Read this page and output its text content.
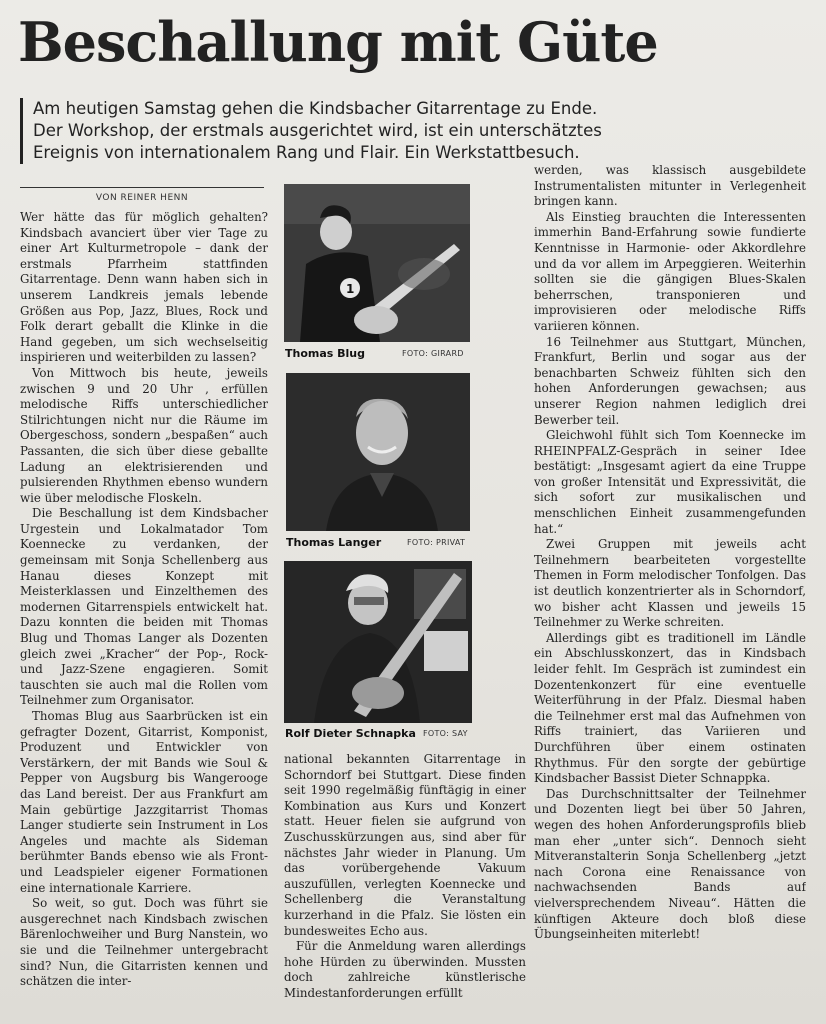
Beschallung mit Güte
Am heutigen Samstag gehen die Kindsbacher Gitarrentage zu Ende.
Der Workshop, der erstmals ausgerichtet wird, ist ein unterschätztes
Ereignis von internationalem Rang und Flair. Ein Werkstattbesuch.
VON REINER HENN

Wer hätte das für möglich gehalten? Kindsbach avanciert über vier Tage zu einer Art Kulturmetropole – dank der erstmals Pfarrheim stattfinden Gitarrentage. Denn wann haben sich in unserem Landkreis jemals lebende Größen aus Pop, Jazz, Blues, Rock und Folk derart geballt die Klinke in die Hand gegeben, um sich wechselseitig inspirieren und weiterbilden zu lassen?

Von Mittwoch bis heute, jeweils zwischen 9 und 20 Uhr , erfüllen melodische Riffs unterschiedlicher Stilrichtungen nicht nur die Räume im Obergeschoss, sondern „bespaßen“ auch Passanten, die sich über diese geballte Ladung an elektrisierenden und pulsierenden Rhythmen ebenso wundern wie über melodische Floskeln.

Die Beschallung ist dem Kindsbacher Urgestein und Lokalmatador Tom Koennecke zu verdanken, der gemeinsam mit Sonja Schellenberg aus Hanau dieses Konzept mit Meisterklassen und Einzelthemen des modernen Gitarrenspiels entwickelt hat. Dazu konnten die beiden mit Thomas Blug und Thomas Langer als Dozenten gleich zwei „Kracher“ der Pop-, Rock- und Jazz-Szene engagieren. Somit tauschten sie auch mal die Rollen vom Teilnehmer zum Organisator.

Thomas Blug aus Saarbrücken ist ein gefragter Dozent, Gitarrist, Komponist, Produzent und Entwickler von Verstärkern, der mit Bands wie Soul & Pepper von Augsburg bis Wangerooge das Land bereist. Der aus Frankfurt am Main gebürtige Jazzgitarrist Thomas Langer studierte sein Instrument in Los Angeles und machte als Sideman berühmter Bands ebenso wie als Front- und Leadspieler eigener Formationen eine internationale Karriere.

So weit, so gut. Doch was führt sie ausgerechnet nach Kindsbach zwischen Bärenlochweiher und Burg Nanstein, wo sie und die Teilnehmer untergebracht sind? Nun, die Gitarristen kennen und schätzen die inter-

1
Thomas Blug	FOTO: GIRARD
Thomas Langer	FOTO: PRIVAT
Rolf Dieter Schnapka FOTO: SAY

national bekannten Gitarrentage in Schorndorf bei Stuttgart. Diese finden seit 1990 regelmäßig fünftägig in einer Kombination aus Kurs und Konzert statt. Heuer fielen sie aufgrund von Zuschusskürzungen aus, sind aber für nächstes Jahr wieder in Planung. Um das vorübergehende Vakuum auszufüllen, verlegten Koennecke und Schellenberg die Veranstaltung kurzerhand in die Pfalz. Sie lösten ein bundesweites Echo aus.

Für die Anmeldung waren allerdings hohe Hürden zu überwinden. Mussten doch zahlreiche künstlerische Mindestanforderungen erfüllt

werden, was klassisch ausgebildete Instrumentalisten mitunter in Verlegenheit bringen kann.

Als Einstieg brauchten die Interessenten immerhin Band-Erfahrung sowie fundierte Kenntnisse in Harmonie- oder Akkordlehre und da vor allem im Arpeggieren. Weiterhin sollten sie die gängigen Blues-Skalen beherrschen, transponieren und improvisieren oder melodische Riffs variieren können.

16 Teilnehmer aus Stuttgart, München, Frankfurt, Berlin und sogar aus der benachbarten Schweiz fühlten sich den hohen Anforderungen gewachsen; aus unserer Region nahmen lediglich drei Bewerber teil.

Gleichwohl fühlt sich Tom Koennecke im RHEINPFALZ-Gespräch in seiner Idee bestätigt: „Insgesamt agiert da eine Truppe von großer Intensität und Expressivität, die sich sofort zur musikalischen und menschlichen Einheit zusammengefunden hat.“

Zwei Gruppen mit jeweils acht Teilnehmern bearbeiteten vorgestellte Themen in Form melodischer Tonfolgen. Das ist deutlich konzentrierter als in Schorndorf, wo bisher acht Klassen und jeweils 15 Teilnehmer zu Werke schreiten.

Allerdings gibt es traditionell im Ländle ein Abschlusskonzert, das in Kindsbach leider fehlt. Im Gespräch ist zumindest ein Dozentenkonzert für eine eventuelle Weiterführung in der Pfalz. Diesmal haben die Teilnehmer erst mal das Aufnehmen von Riffs trainiert, das Variieren und Durchführen über einem ostinaten Rhythmus. Für den sorgte der gebürtige Kindsbacher Bassist Dieter Schnappka.

Das Durchschnittsalter der Teilnehmer und Dozenten liegt bei über 50 Jahren, wegen des hohen Anforderungsprofils blieb man eher „unter sich“. Dennoch sieht Mitveranstalterin Sonja Schellenberg „jetzt nach Corona eine Renaissance von nachwachsenden Bands auf vielversprechendem Niveau“. Hätten die künftigen Akteure doch bloß diese Übungseinheiten miterlebt!
